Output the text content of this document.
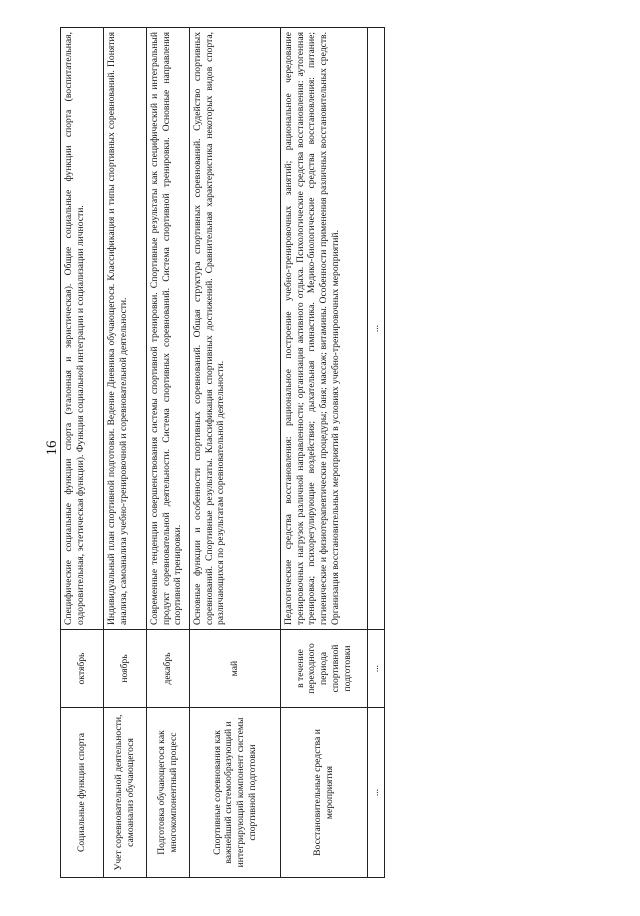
16
Социальные функции спорта	октябрь	Специфические социальные функции спорта (эталонная и эвристическая). Общие социальные функции спорта (воспитательная, оздоровительная, эстетическая функции). Функция социальной интеграции и социализации личности.
Учет соревновательной деятельности, самоанализ обучающегося	ноябрь	Индивидуальный план спортивной подготовки. Ведение Дневника обучающегося. Классификация и типы спортивных соревнований. Понятия анализа, самоанализа учебно-тренировочной и соревновательной деятельности.
Подготовка обучающегося как многокомпонентный процесс	декабрь	Современные тенденции совершенствования системы спортивной тренировки. Спортивные результаты как специфический и интегральный продукт соревновательной деятельности. Система спортивных соревнований. Система спортивной тренировки. Основные направления спортивной тренировки.
Спортивные соревнования как важнейший системообразующий и интегрирующий компонент системы спортивной подготовки	май	Основные функции и особенности спортивных соревнований. Общая структура спортивных соревнований. Судейство спортивных соревнований. Спортивные результаты. Классификация спортивных достижений. Сравнительная характеристика некоторых видов спорта, различающихся по результатам соревновательной деятельности.
Восстановительные средства и мероприятия	в течение переходного периода спортивной подготовки	Педагогические средства восстановления: рациональное построение учебно-тренировочных занятий; рациональное чередование тренировочных нагрузок различной направленности; организация активного отдыха. Психологические средства восстановления: аутогенная тренировка; психорегулирующие воздействия; дыхательная гимнастика. Медико-биологические средства восстановления: питание; гигиенические и физиотерапевтические процедуры; баня; массаж; витамины. Особенности применения различных восстановительных средств. Организация восстановительных мероприятий в условиях учебно-тренировочных мероприятий.
...	...	...
